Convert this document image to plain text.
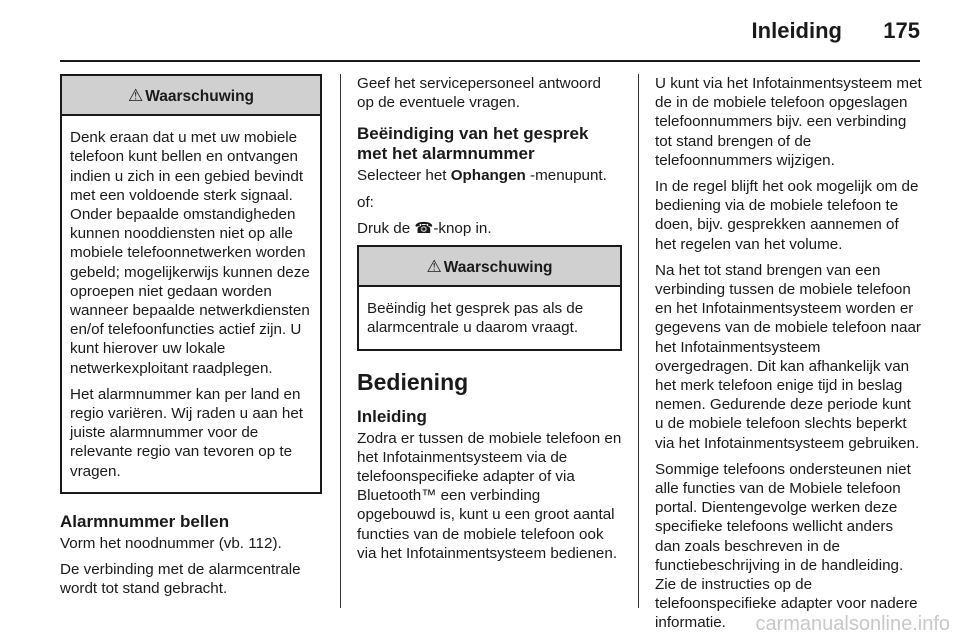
Inleiding 175
⚠ Waarschuwing

Denk eraan dat u met uw mobiele telefoon kunt bellen en ontvangen indien u zich in een gebied bevindt met een voldoende sterk signaal. Onder bepaalde omstandigheden kunnen nooddiensten niet op alle mobiele telefoonnetwerken worden gebeld; mogelijkerwijs kunnen deze oproepen niet gedaan worden wanneer bepaalde netwerkdiensten en/of telefoonfuncties actief zijn. U kunt hierover uw lokale netwerkexploitant raadplegen.

Het alarmnummer kan per land en regio variëren. Wij raden u aan het juiste alarmnummer voor de relevante regio van tevoren op te vragen.

Alarmnummer bellen

Vorm het noodnummer (vb. 112).

De verbinding met de alarmcentrale wordt tot stand gebracht.

Geef het servicepersoneel antwoord op de eventuele vragen.

Beëindiging van het gesprek met het alarmnummer

Selecteer het Ophangen -menupunt.

of:

Druk de ☎-knop in.

⚠ Waarschuwing

Beëindig het gesprek pas als de alarmcentrale u daarom vraagt.

Bediening
Inleiding

Zodra er tussen de mobiele telefoon en het Infotainmentsysteem via de telefoonspecifieke adapter of via Bluetooth™ een verbinding opgebouwd is, kunt u een groot aantal functies van de mobiele telefoon ook via het Infotainmentsysteem bedienen.

U kunt via het Infotainmentsysteem met de in de mobiele telefoon opgeslagen telefoonnummers bijv. een verbinding tot stand brengen of de telefoonnummers wijzigen.

In de regel blijft het ook mogelijk om de bediening via de mobiele telefoon te doen, bijv. gesprekken aannemen of het regelen van het volume.

Na het tot stand brengen van een verbinding tussen de mobiele telefoon en het Infotainmentsysteem worden er gegevens van de mobiele telefoon naar het Infotainmentsysteem overgedragen. Dit kan afhankelijk van het merk telefoon enige tijd in beslag nemen. Gedurende deze periode kunt u de mobiele telefoon slechts beperkt via het Infotainmentsysteem gebruiken.

Sommige telefoons ondersteunen niet alle functies van de Mobiele telefoon portal. Dientengevolge werken deze specifieke telefoons wellicht anders dan zoals beschreven in de functiebeschrijving in de handleiding. Zie de instructies op de telefoonspecifieke adapter voor nadere informatie.	carmanualsonline.info
